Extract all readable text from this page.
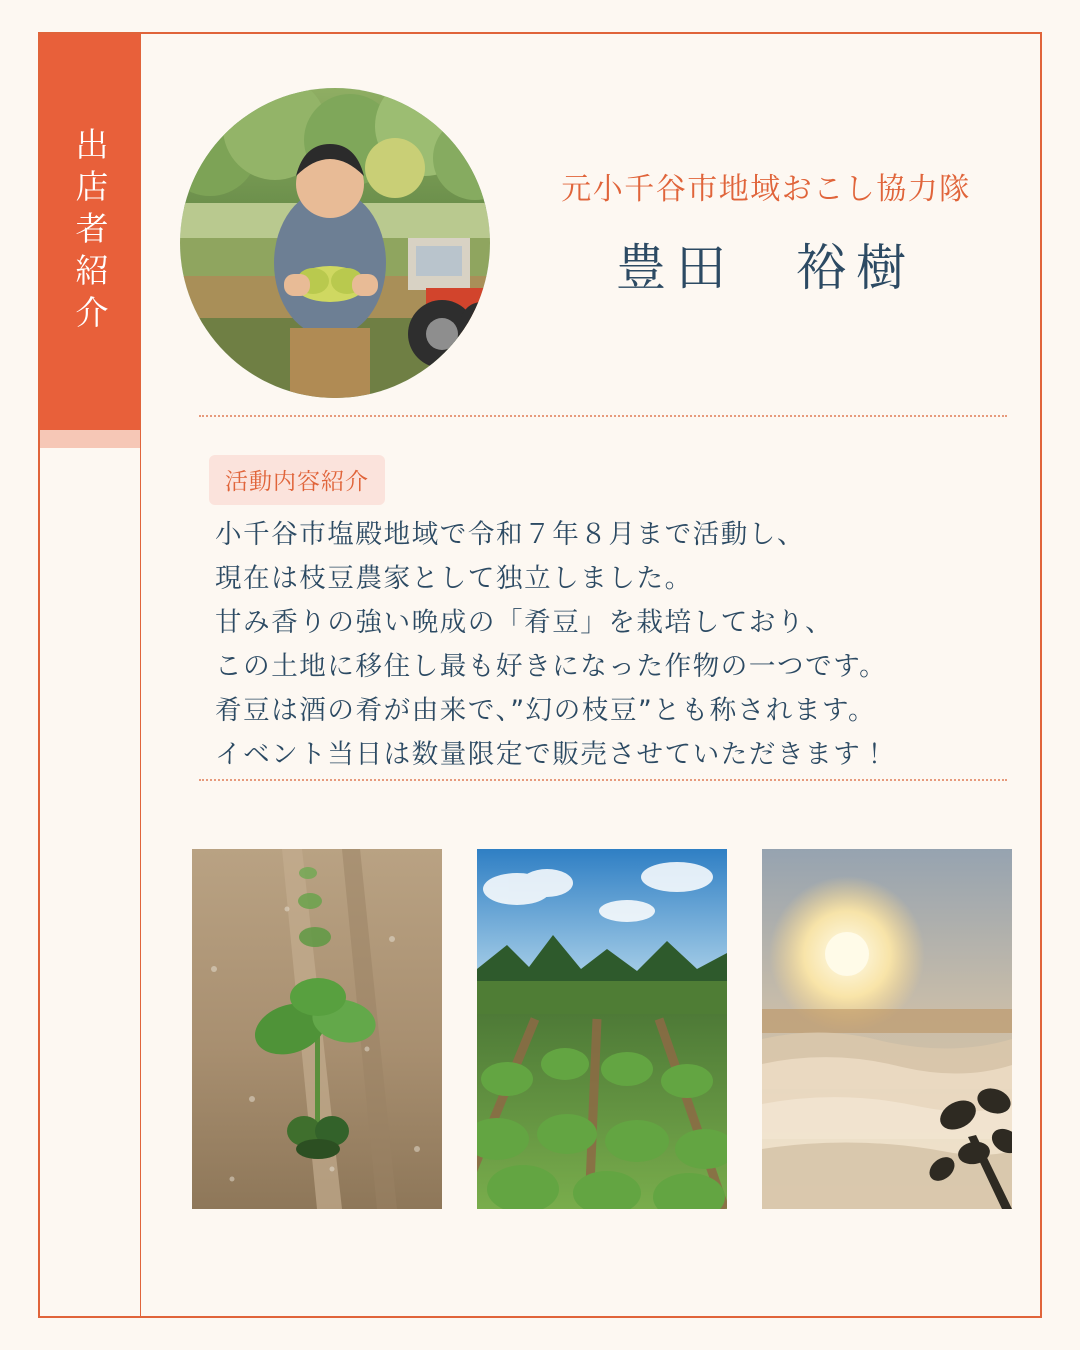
出店者紹介	元小千谷市地域おこし協力隊
豊田　裕樹
活動内容紹介
小千谷市塩殿地域で令和７年８月まで活動し、
現在は枝豆農家として独立しました。
甘み香りの強い晩成の「肴豆」を栽培しており、
この土地に移住し最も好きになった作物の一つです。
肴豆は酒の肴が由来で、”幻の枝豆”とも称されます。
イベント当日は数量限定で販売させていただきます！
